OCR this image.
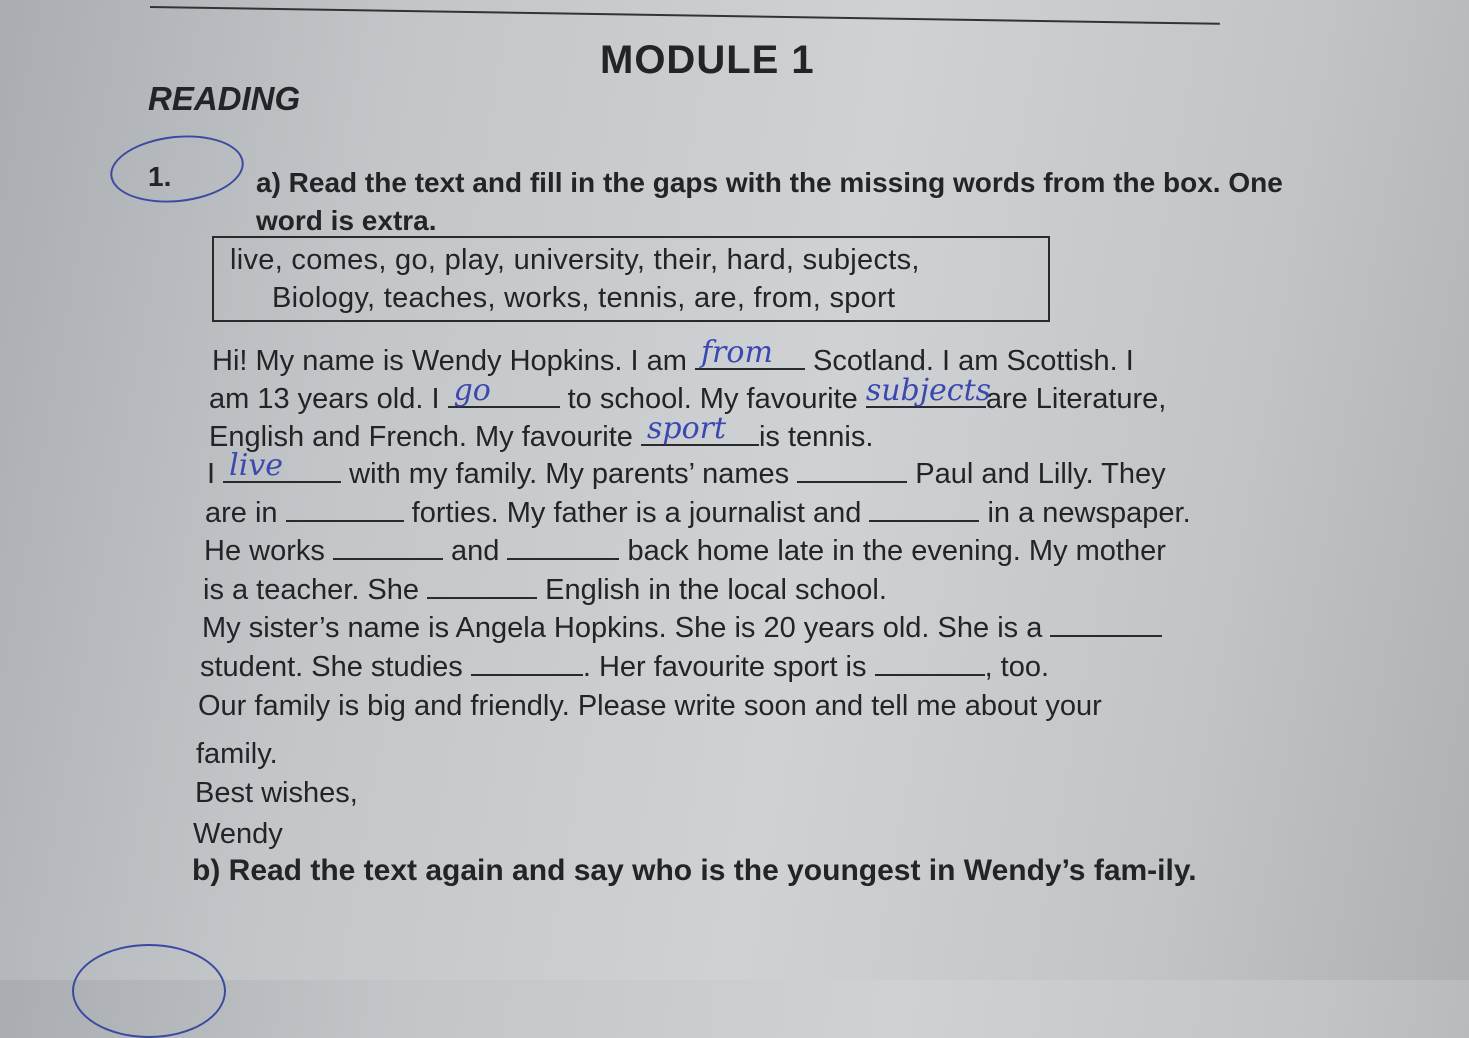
MODULE 1
READING
1.	a) Read the text and fill in the gaps with the missing words from the box. One word is extra.
live, comes, go, play, university, their, hard, subjects,
Biology, teaches, works, tennis, are, from, sport
Hi! My name is Wendy Hopkins. I am from Scotland. I am Scottish. I
am 13 years old. I go to school. My favourite subjects
are Literature,
English and French. My favourite sport is tennis.
I live with my family. My parents’ names	Paul and Lilly. They
are in	forties. My father is a journalist and	in a newspaper.
He works	and	back home late in the evening. My mother
is a teacher. She	English in the local school.
My sister’s name is Angela Hopkins. She is 20 years old. She is a
student. She studies	. Her favourite sport is	, too.
Our family is big and friendly. Please write soon and tell me about your
family.
Best wishes,
Wendy
b) Read the text again and say who is the youngest in Wendy’s fam-ily.
